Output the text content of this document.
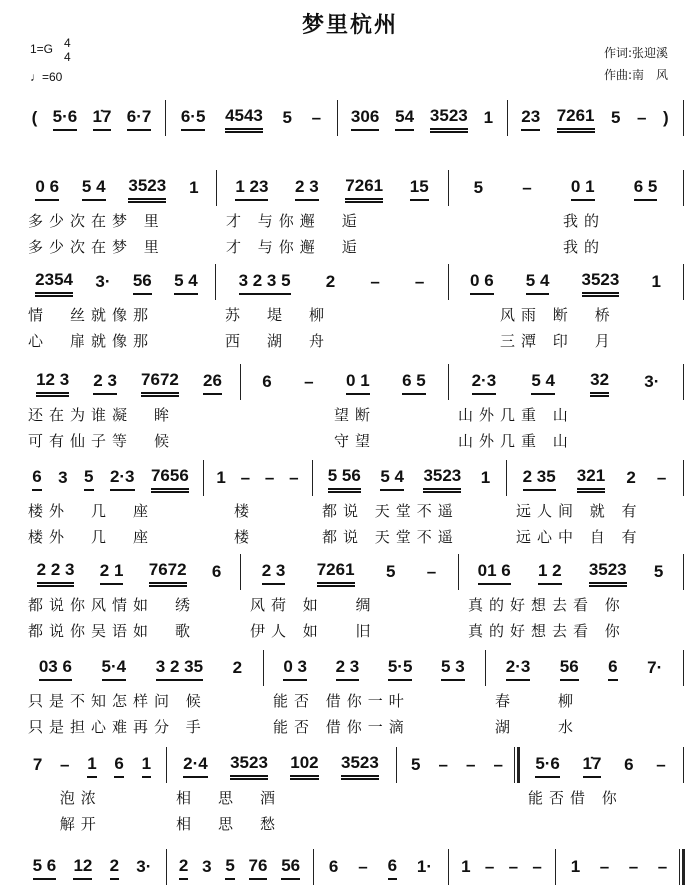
梦里杭州
1=G 4
4
♩=60
作词:张迎溪
作曲:南　风
( 5·6 1̇7 6·7 6·5 4543 5 – 306 54 3523 1 23 7261 5 – )
0 6 5 4 3523 1 1 23 2 3 7261 15	5 – 0 1 6 5
多少次在梦 里	才 与你邂　逅	　　　　　我的
多少次在梦 里	才 与你邂　逅	　　　　　我的
2354 3· 56 5 4 3 2 3 5 2 – –	0 6 5 4 3523 1
情　丝就像那	苏　堤　柳	　　风雨 断　桥
心　扉就像那	西　湖　舟	　　三潭 印　月
12 3 2 3 7672 26 6 – 0 1 6 5	2·3 5 4 32 3·
还在为谁凝　眸	　　　　望断	山外几重 山
可有仙子等　候	　　　　守望	山外几重 山
6 3 5 2·3 7656 1 – – – 5 56 5 4 3523 1 2 35 321 2 –
楼外　几　座	　楼	都说 天堂不遥	远人间 就 有
楼外　几　座	　楼	都说 天堂不遥	远心中 自 有
2 2 3 2 1 7672 6 2 3 7261 5 – 01 6 1 2 3523 5
都说你风情如　绣	风荷 如　 绸	真的好想去看 你
都说你吴语如　歌	伊人 如　 旧	真的好想去看 你
03 6 5·4 3 2 35 2 0 3 2 3 5·5 5 3 2·3 56 6 7·
只是不知怎样问 候	能否 借你一叶	春　　柳
只是担心难再分 手	能否 借你一滴	湖　　水
7 – 1 6 1 2·4 3523 102 3523 5 – – – 5·6 1̇7 6 –
　 泡浓	相　思　酒	能否借 你
　 解开	相　思　愁
5 6 12 2 3· 2 3 5 76 56 6 – 6 1· 1 – – – 1 – – –
